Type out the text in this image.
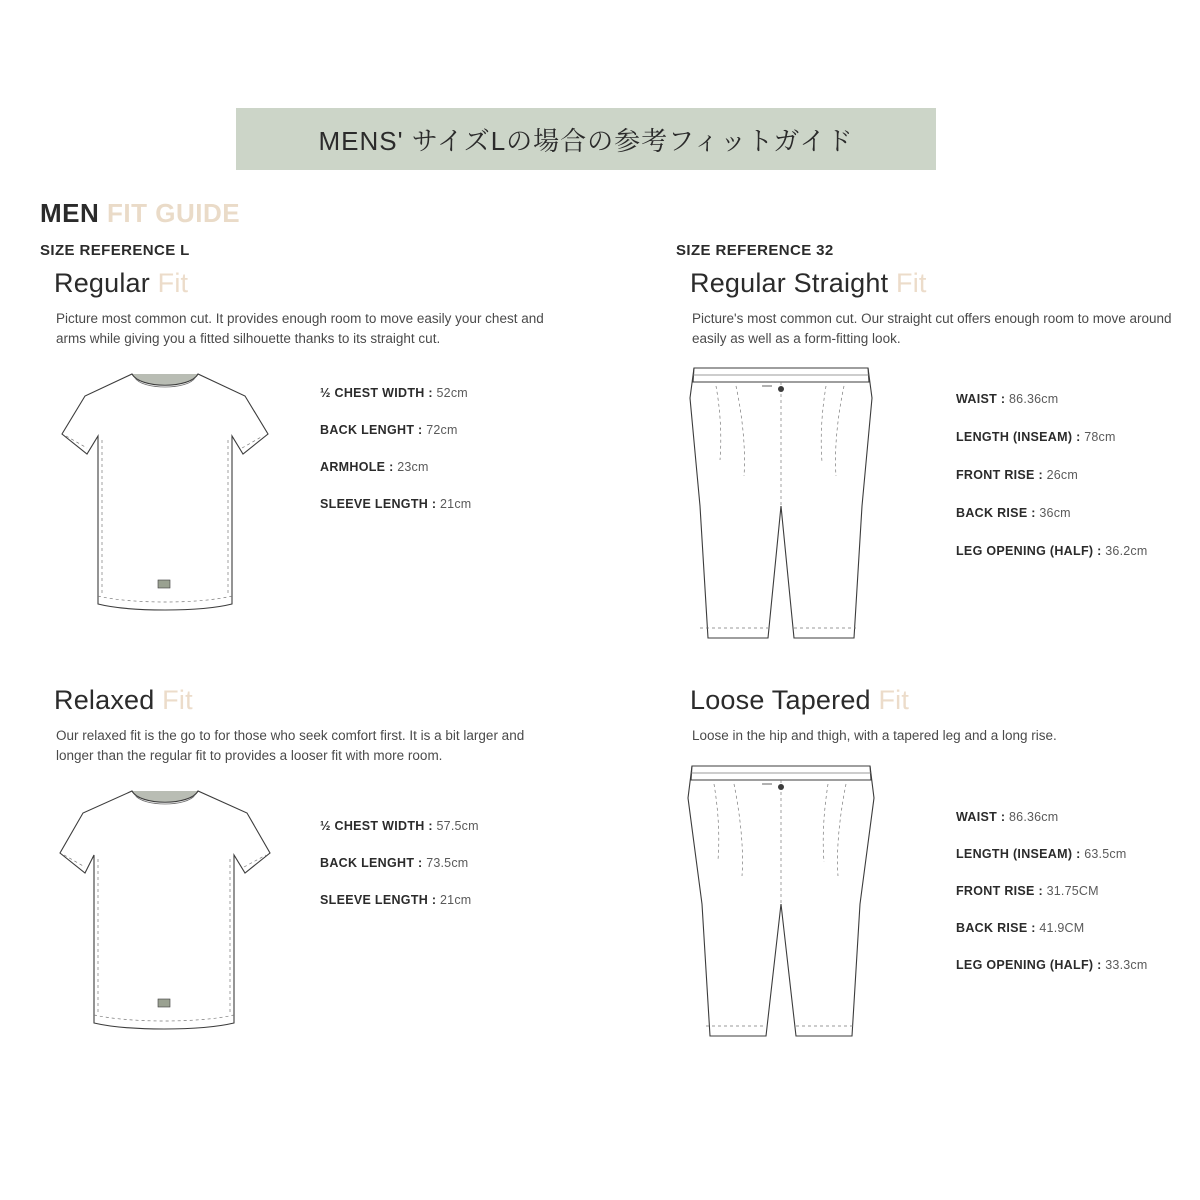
MENS' サイズLの場合の参考フィットガイド
MEN FIT GUIDE
SIZE REFERENCE L	SIZE REFERENCE 32
Regular Fit

Picture most common cut. It provides enough room to move easily your chest and arms while giving you a fitted silhouette thanks to its straight cut.

½ CHEST WIDTH : 52cm
BACK LENGHT : 72cm
ARMHOLE : 23cm
SLEEVE LENGTH : 21cm
Regular Straight Fit

Picture's most common cut. Our straight cut offers enough room to move around easily as well as a form-fitting look.

WAIST : 86.36cm
LENGTH (INSEAM) : 78cm
FRONT RISE : 26cm
BACK RISE : 36cm
LEG OPENING (HALF) : 36.2cm
Relaxed Fit

Our relaxed fit is the go to for those who seek comfort first. It is a bit larger and longer than the regular fit to provides a looser fit with more room.

½ CHEST WIDTH : 57.5cm
BACK LENGHT : 73.5cm
SLEEVE LENGTH : 21cm
Loose Tapered Fit

Loose in the hip and thigh, with a tapered leg and a long rise.

WAIST : 86.36cm
LENGTH (INSEAM) : 63.5cm
FRONT RISE : 31.75CM
BACK RISE : 41.9CM
LEG OPENING (HALF) : 33.3cm
